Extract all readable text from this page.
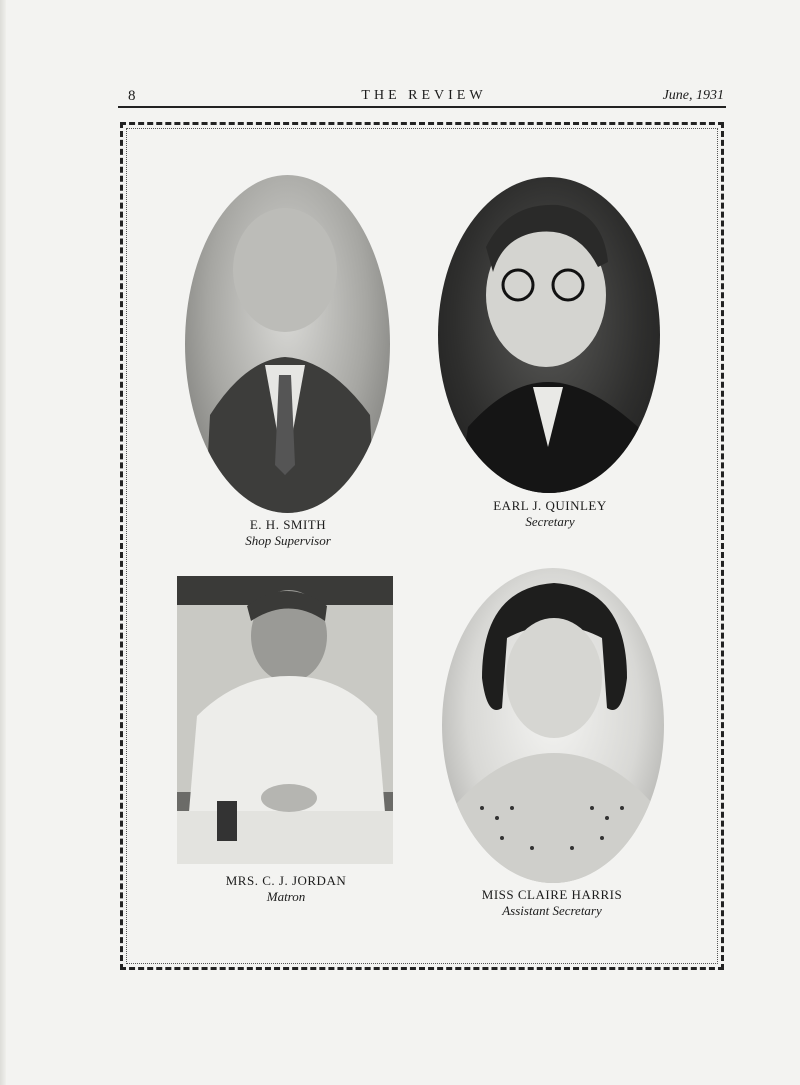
8	THE REVIEW	June, 1931
E. H. SMITH
Shop Supervisor
EARL J. QUINLEY
Secretary
MRS. C. J. JORDAN
Matron	MISS CLAIRE HARRIS
Assistant Secretary
